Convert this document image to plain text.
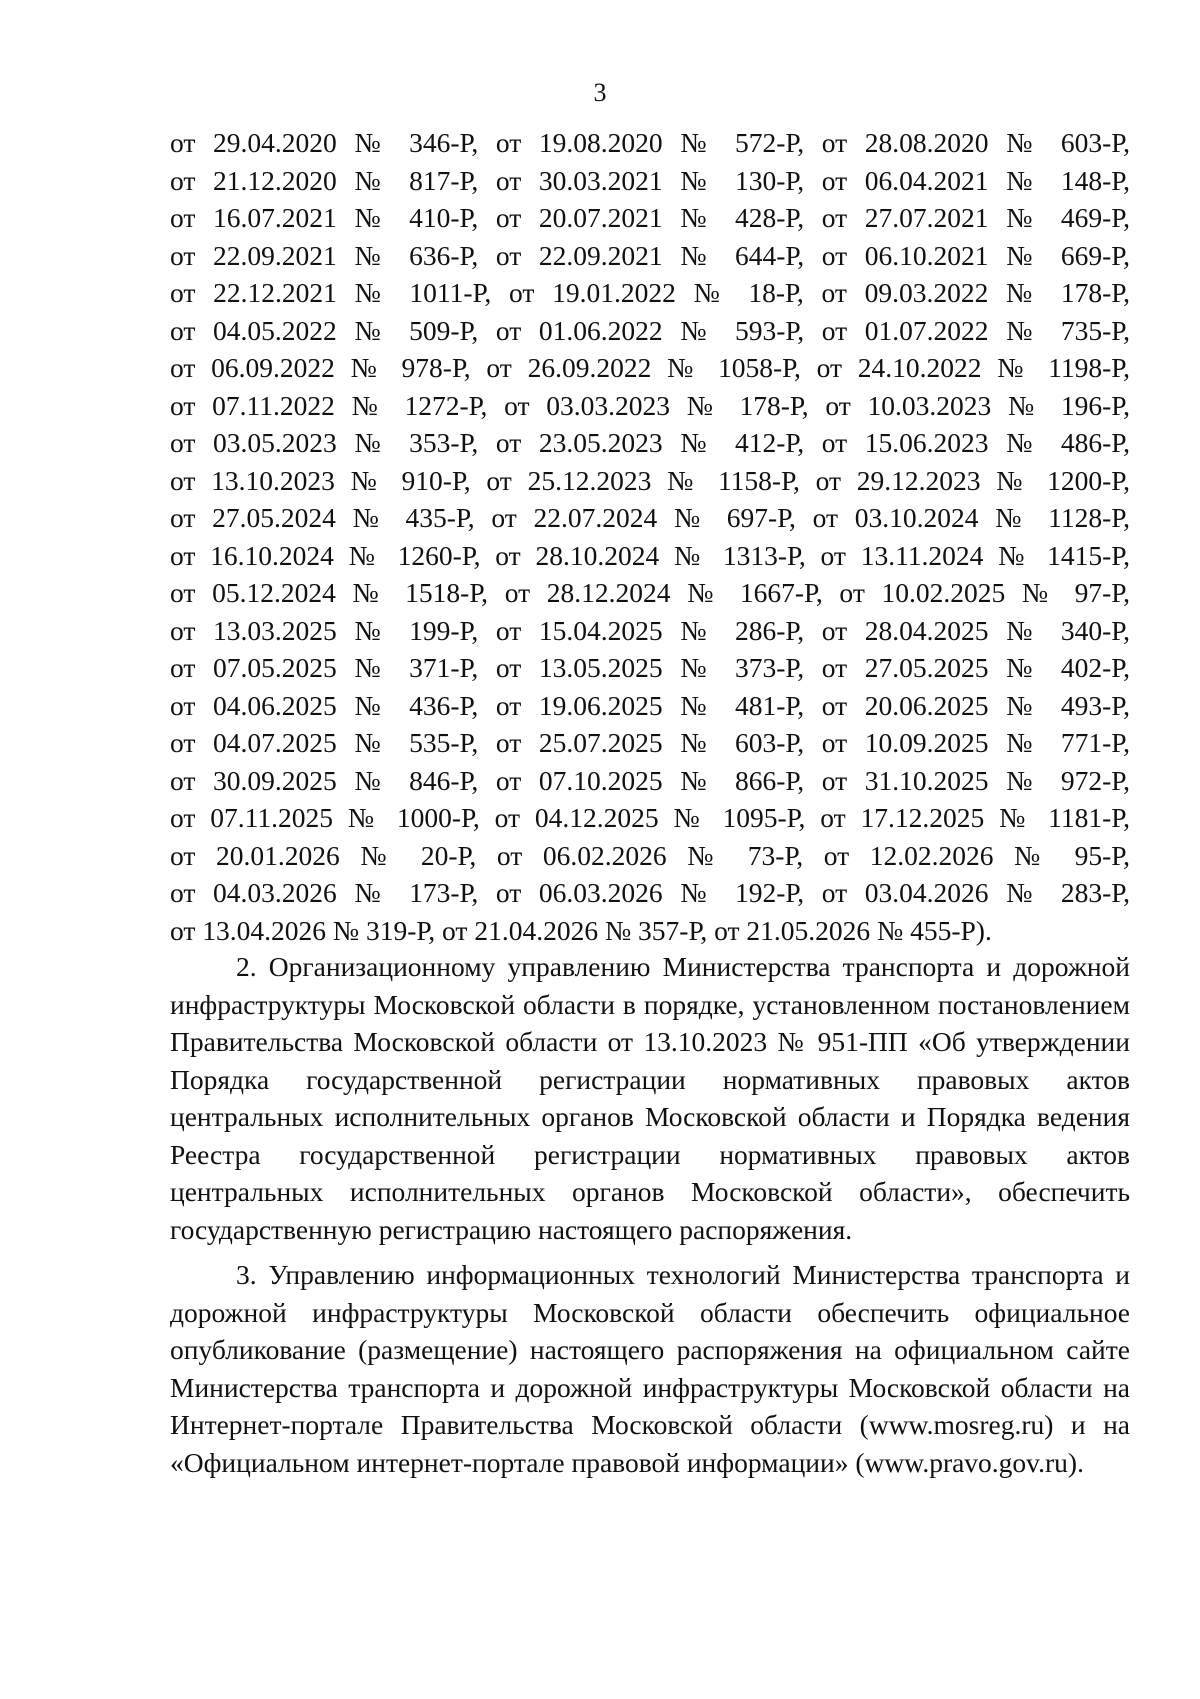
3
от 29.04.2020 № 346-Р, от 19.08.2020 № 572-Р, от 28.08.2020 № 603-Р,
от 21.12.2020 № 817-Р, от 30.03.2021 № 130-Р, от 06.04.2021 № 148-Р,
от 16.07.2021 № 410-Р, от 20.07.2021 № 428-Р, от 27.07.2021 № 469-Р,
от 22.09.2021 № 636-Р, от 22.09.2021 № 644-Р, от 06.10.2021 № 669-Р,
от 22.12.2021 № 1011-Р, от 19.01.2022 № 18-Р, от 09.03.2022 № 178-Р,
от 04.05.2022 № 509-Р, от 01.06.2022 № 593-Р, от 01.07.2022 № 735-Р,
от 06.09.2022 № 978-Р, от 26.09.2022 № 1058-Р, от 24.10.2022 № 1198-Р,
от 07.11.2022 № 1272-Р, от 03.03.2023 № 178-Р, от 10.03.2023 № 196-Р,
от 03.05.2023 № 353-Р, от 23.05.2023 № 412-Р, от 15.06.2023 № 486-Р,
от 13.10.2023 № 910-Р, от 25.12.2023 № 1158-Р, от 29.12.2023 № 1200-Р,
от 27.05.2024 № 435-Р, от 22.07.2024 № 697-Р, от 03.10.2024 № 1128-Р,
от 16.10.2024 № 1260-Р, от 28.10.2024 № 1313-Р, от 13.11.2024 № 1415-Р,
от 05.12.2024 № 1518-Р, от 28.12.2024 № 1667-Р, от 10.02.2025 № 97-Р,
от 13.03.2025 № 199-Р, от 15.04.2025 № 286-Р, от 28.04.2025 № 340-Р,
от 07.05.2025 № 371-Р, от 13.05.2025 № 373-Р, от 27.05.2025 № 402-Р,
от 04.06.2025 № 436-Р, от 19.06.2025 № 481-Р, от 20.06.2025 № 493-Р,
от 04.07.2025 № 535-Р, от 25.07.2025 № 603-Р, от 10.09.2025 № 771-Р,
от 30.09.2025 № 846-Р, от 07.10.2025 № 866-Р, от 31.10.2025 № 972-Р,
от 07.11.2025 № 1000-Р, от 04.12.2025 № 1095-Р, от 17.12.2025 № 1181-Р,
от 20.01.2026 № 20-Р, от 06.02.2026 № 73-Р, от 12.02.2026 № 95-Р,
от 04.03.2026 № 173-Р, от 06.03.2026 № 192-Р, от 03.04.2026 № 283-Р,
от 13.04.2026 № 319-Р, от 21.04.2026 № 357-Р, от 21.05.2026 № 455-Р).

2. Организационному управлению Министерства транспорта и дорожной инфраструктуры Московской области в порядке, установленном постановлением Правительства Московской области от 13.10.2023 № 951-ПП «Об утверждении Порядка государственной регистрации нормативных правовых актов центральных исполнительных органов Московской области и Порядка ведения Реестра государственной регистрации нормативных правовых актов центральных исполнительных органов Московской области», обеспечить государственную регистрацию настоящего распоряжения.

3. Управлению информационных технологий Министерства транспорта и дорожной инфраструктуры Московской области обеспечить официальное опубликование (размещение) настоящего распоряжения на официальном сайте Министерства транспорта и дорожной инфраструктуры Московской области на Интернет-портале Правительства Московской области (www.mosreg.ru) и на «Официальном интернет-портале правовой информации» (www.pravo.gov.ru).
